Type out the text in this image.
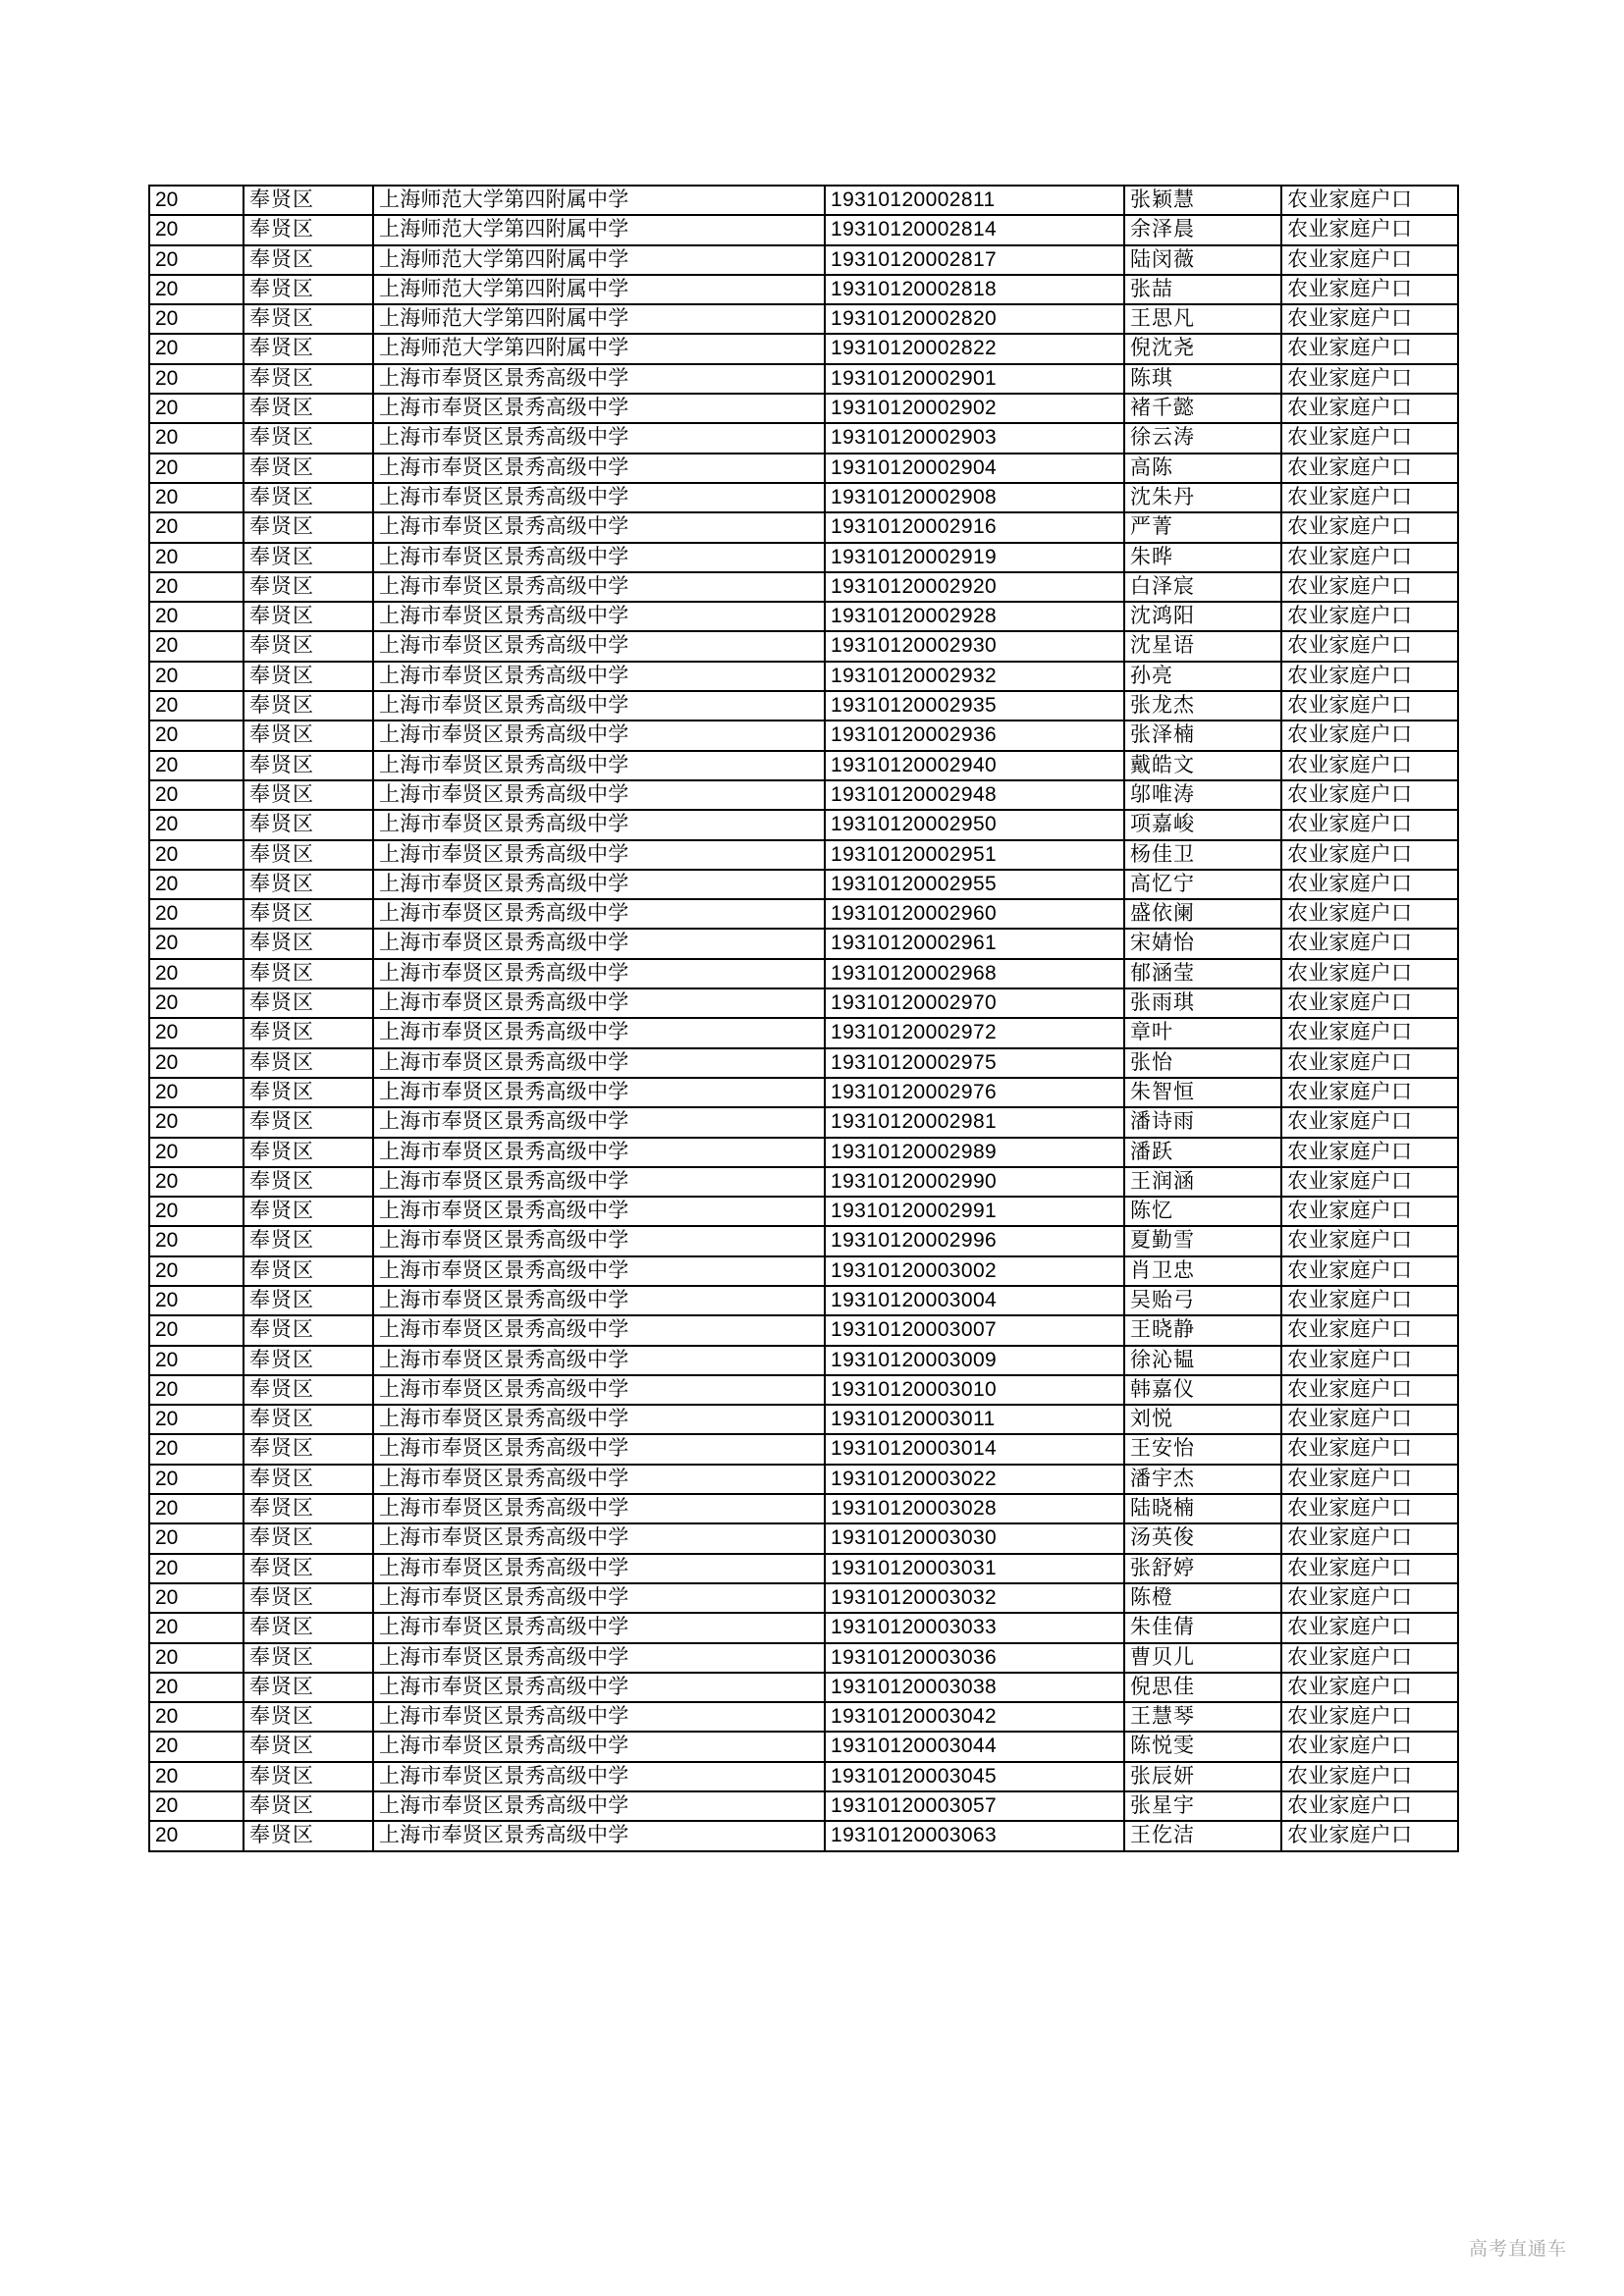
20	奉贤区	上海师范大学第四附属中学	19310120002811	张颖慧	农业家庭户口
20	奉贤区	上海师范大学第四附属中学	19310120002814	余泽晨	农业家庭户口
20	奉贤区	上海师范大学第四附属中学	19310120002817	陆闵薇	农业家庭户口
20	奉贤区	上海师范大学第四附属中学	19310120002818	张喆	农业家庭户口
20	奉贤区	上海师范大学第四附属中学	19310120002820	王思凡	农业家庭户口
20	奉贤区	上海师范大学第四附属中学	19310120002822	倪沈尧	农业家庭户口
20	奉贤区	上海市奉贤区景秀高级中学	19310120002901	陈琪	农业家庭户口
20	奉贤区	上海市奉贤区景秀高级中学	19310120002902	褚千懿	农业家庭户口
20	奉贤区	上海市奉贤区景秀高级中学	19310120002903	徐云涛	农业家庭户口
20	奉贤区	上海市奉贤区景秀高级中学	19310120002904	高陈	农业家庭户口
20	奉贤区	上海市奉贤区景秀高级中学	19310120002908	沈朱丹	农业家庭户口
20	奉贤区	上海市奉贤区景秀高级中学	19310120002916	严菁	农业家庭户口
20	奉贤区	上海市奉贤区景秀高级中学	19310120002919	朱晔	农业家庭户口
20	奉贤区	上海市奉贤区景秀高级中学	19310120002920	白泽宸	农业家庭户口
20	奉贤区	上海市奉贤区景秀高级中学	19310120002928	沈鸿阳	农业家庭户口
20	奉贤区	上海市奉贤区景秀高级中学	19310120002930	沈星语	农业家庭户口
20	奉贤区	上海市奉贤区景秀高级中学	19310120002932	孙亮	农业家庭户口
20	奉贤区	上海市奉贤区景秀高级中学	19310120002935	张龙杰	农业家庭户口
20	奉贤区	上海市奉贤区景秀高级中学	19310120002936	张泽楠	农业家庭户口
20	奉贤区	上海市奉贤区景秀高级中学	19310120002940	戴皓文	农业家庭户口
20	奉贤区	上海市奉贤区景秀高级中学	19310120002948	邬唯涛	农业家庭户口
20	奉贤区	上海市奉贤区景秀高级中学	19310120002950	项嘉峻	农业家庭户口
20	奉贤区	上海市奉贤区景秀高级中学	19310120002951	杨佳卫	农业家庭户口
20	奉贤区	上海市奉贤区景秀高级中学	19310120002955	高忆宁	农业家庭户口
20	奉贤区	上海市奉贤区景秀高级中学	19310120002960	盛依阑	农业家庭户口
20	奉贤区	上海市奉贤区景秀高级中学	19310120002961	宋婧怡	农业家庭户口
20	奉贤区	上海市奉贤区景秀高级中学	19310120002968	郁涵莹	农业家庭户口
20	奉贤区	上海市奉贤区景秀高级中学	19310120002970	张雨琪	农业家庭户口
20	奉贤区	上海市奉贤区景秀高级中学	19310120002972	章叶	农业家庭户口
20	奉贤区	上海市奉贤区景秀高级中学	19310120002975	张怡	农业家庭户口
20	奉贤区	上海市奉贤区景秀高级中学	19310120002976	朱智恒	农业家庭户口
20	奉贤区	上海市奉贤区景秀高级中学	19310120002981	潘诗雨	农业家庭户口
20	奉贤区	上海市奉贤区景秀高级中学	19310120002989	潘跃	农业家庭户口
20	奉贤区	上海市奉贤区景秀高级中学	19310120002990	王润涵	农业家庭户口
20	奉贤区	上海市奉贤区景秀高级中学	19310120002991	陈忆	农业家庭户口
20	奉贤区	上海市奉贤区景秀高级中学	19310120002996	夏勤雪	农业家庭户口
20	奉贤区	上海市奉贤区景秀高级中学	19310120003002	肖卫忠	农业家庭户口
20	奉贤区	上海市奉贤区景秀高级中学	19310120003004	吴贻弓	农业家庭户口
20	奉贤区	上海市奉贤区景秀高级中学	19310120003007	王晓静	农业家庭户口
20	奉贤区	上海市奉贤区景秀高级中学	19310120003009	徐沁韫	农业家庭户口
20	奉贤区	上海市奉贤区景秀高级中学	19310120003010	韩嘉仪	农业家庭户口
20	奉贤区	上海市奉贤区景秀高级中学	19310120003011	刘悦	农业家庭户口
20	奉贤区	上海市奉贤区景秀高级中学	19310120003014	王安怡	农业家庭户口
20	奉贤区	上海市奉贤区景秀高级中学	19310120003022	潘宇杰	农业家庭户口
20	奉贤区	上海市奉贤区景秀高级中学	19310120003028	陆晓楠	农业家庭户口
20	奉贤区	上海市奉贤区景秀高级中学	19310120003030	汤英俊	农业家庭户口
20	奉贤区	上海市奉贤区景秀高级中学	19310120003031	张舒婷	农业家庭户口
20	奉贤区	上海市奉贤区景秀高级中学	19310120003032	陈橙	农业家庭户口
20	奉贤区	上海市奉贤区景秀高级中学	19310120003033	朱佳倩	农业家庭户口
20	奉贤区	上海市奉贤区景秀高级中学	19310120003036	曹贝儿	农业家庭户口
20	奉贤区	上海市奉贤区景秀高级中学	19310120003038	倪思佳	农业家庭户口
20	奉贤区	上海市奉贤区景秀高级中学	19310120003042	王慧琴	农业家庭户口
20	奉贤区	上海市奉贤区景秀高级中学	19310120003044	陈悦雯	农业家庭户口
20	奉贤区	上海市奉贤区景秀高级中学	19310120003045	张辰妍	农业家庭户口
20	奉贤区	上海市奉贤区景秀高级中学	19310120003057	张星宇	农业家庭户口
20	奉贤区	上海市奉贤区景秀高级中学	19310120003063	王仡洁	农业家庭户口
高考直通车
